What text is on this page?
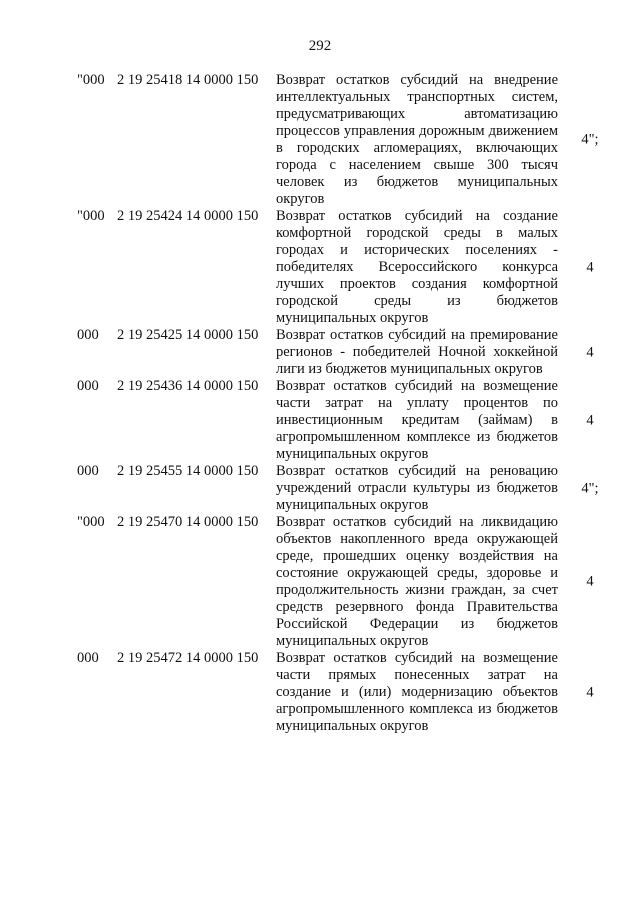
292
"000 2 19 25418 14 0000 150 Возврат остатков субсидий на внедрение интеллектуальных транспортных систем, предусматривающих автоматизацию процессов управления дорожным движением в городских агломерациях, включающих города с населением свыше 300 тысяч человек из бюджетов муниципальных округов
4";
"000 2 19 25424 14 0000 150 Возврат остатков субсидий на создание комфортной городской среды в малых городах и исторических поселениях - победителях Всероссийского конкурса лучших проектов создания комфортной городской среды из бюджетов муниципальных округов
4
000 2 19 25425 14 0000 150 Возврат остатков субсидий на премирование регионов - победителей Ночной хоккейной лиги из бюджетов муниципальных округов
4
000 2 19 25436 14 0000 150 Возврат остатков субсидий на возмещение части затрат на уплату процентов по инвестиционным кредитам (займам) в агропромышленном комплексе из бюджетов муниципальных округов
4
000 2 19 25455 14 0000 150 Возврат остатков субсидий на реновацию учреждений отрасли культуры из бюджетов муниципальных округов
4";
"000 2 19 25470 14 0000 150 Возврат остатков субсидий на ликвидацию объектов накопленного вреда окружающей среде, прошедших оценку воздействия на состояние окружающей среды, здоровье и продолжительность жизни граждан, за счет средств резервного фонда Правительства Российской Федерации из бюджетов муниципальных округов
4
000 2 19 25472 14 0000 150 Возврат остатков субсидий на возмещение части прямых понесенных затрат на создание и (или) модернизацию объектов агропромышленного комплекса из бюджетов муниципальных округов
4
